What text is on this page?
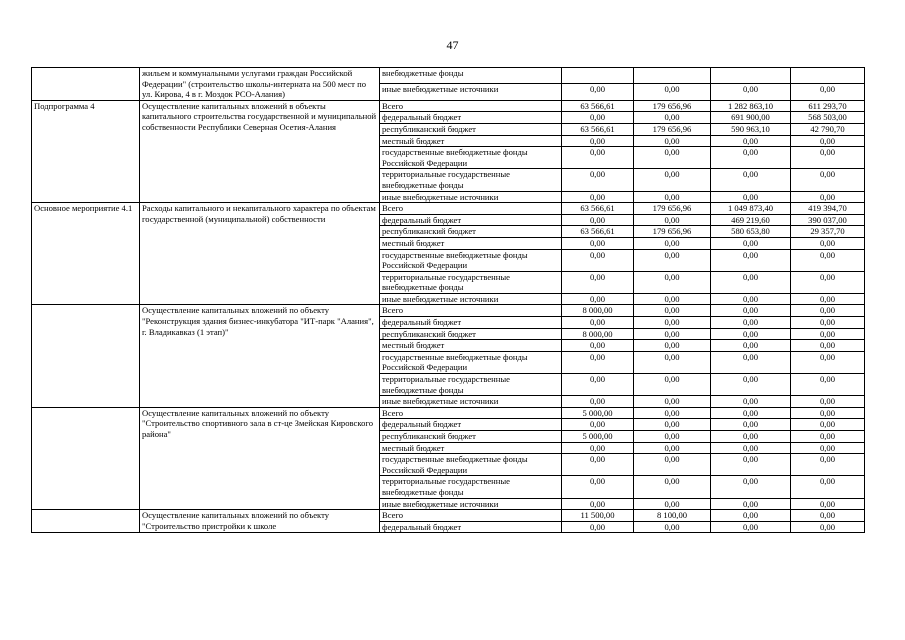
47
	жильем и коммунальными услугами граждан Российской Федерации" (строительство школы-интерната на 500 мест по ул. Кирова, 4 в г. Моздок РСО-Алания)	внебюджетные фонды				
		иные внебюджетные источники	0,00	0,00	0,00	0,00
Подпрограмма 4	Осуществление капитальных вложений в объекты капитального строительства государственной и муниципальной собственности Республики Северная Осетия-Алания	Всего	63 566,61	179 656,96	1 282 863,10	611 293,70
		федеральный бюджет	0,00	0,00	691 900,00	568 503,00
		республиканский бюджет	63 566,61	179 656,96	590 963,10	42 790,70
		местный бюджет	0,00	0,00	0,00	0,00
		государственные внебюджетные фонды Российской Федерации	0,00	0,00	0,00	0,00
		территориальные государственные внебюджетные фонды	0,00	0,00	0,00	0,00
		иные внебюджетные источники	0,00	0,00	0,00	0,00
Основное мероприятие 4.1	Расходы капитального и некапитального характера по объектам государственной (муниципальной) собственности	Всего	63 566,61	179 656,96	1 049 873,40	419 394,70
		федеральный бюджет	0,00	0,00	469 219,60	390 037,00
		республиканский бюджет	63 566,61	179 656,96	580 653,80	29 357,70
		местный бюджет	0,00	0,00	0,00	0,00
		государственные внебюджетные фонды Российской Федерации	0,00	0,00	0,00	0,00
		территориальные государственные внебюджетные фонды	0,00	0,00	0,00	0,00
		иные внебюджетные источники	0,00	0,00	0,00	0,00
	Осуществление капитальных вложений по объекту "Реконструкция здания бизнес-инкубатора "ИТ-парк "Алания", г. Владикавказ (1 этап)"	Всего	8 000,00	0,00	0,00	0,00
		федеральный бюджет	0,00	0,00	0,00	0,00
		республиканский бюджет	8 000,00	0,00	0,00	0,00
		местный бюджет	0,00	0,00	0,00	0,00
		государственные внебюджетные фонды Российской Федерации	0,00	0,00	0,00	0,00
		территориальные государственные внебюджетные фонды	0,00	0,00	0,00	0,00
		иные внебюджетные источники	0,00	0,00	0,00	0,00
	Осуществление капитальных вложений по объекту "Строительство спортивного зала в ст-це Змейская Кировского района"	Всего	5 000,00	0,00	0,00	0,00
		федеральный бюджет	0,00	0,00	0,00	0,00
		республиканский бюджет	5 000,00	0,00	0,00	0,00
		местный бюджет	0,00	0,00	0,00	0,00
		государственные внебюджетные фонды Российской Федерации	0,00	0,00	0,00	0,00
		территориальные государственные внебюджетные фонды	0,00	0,00	0,00	0,00
		иные внебюджетные источники	0,00	0,00	0,00	0,00
	Осуществление капитальных вложений по объекту "Строительство пристройки к школе	Всего	11 500,00	8 100,00	0,00	0,00
		федеральный бюджет	0,00	0,00	0,00	0,00
